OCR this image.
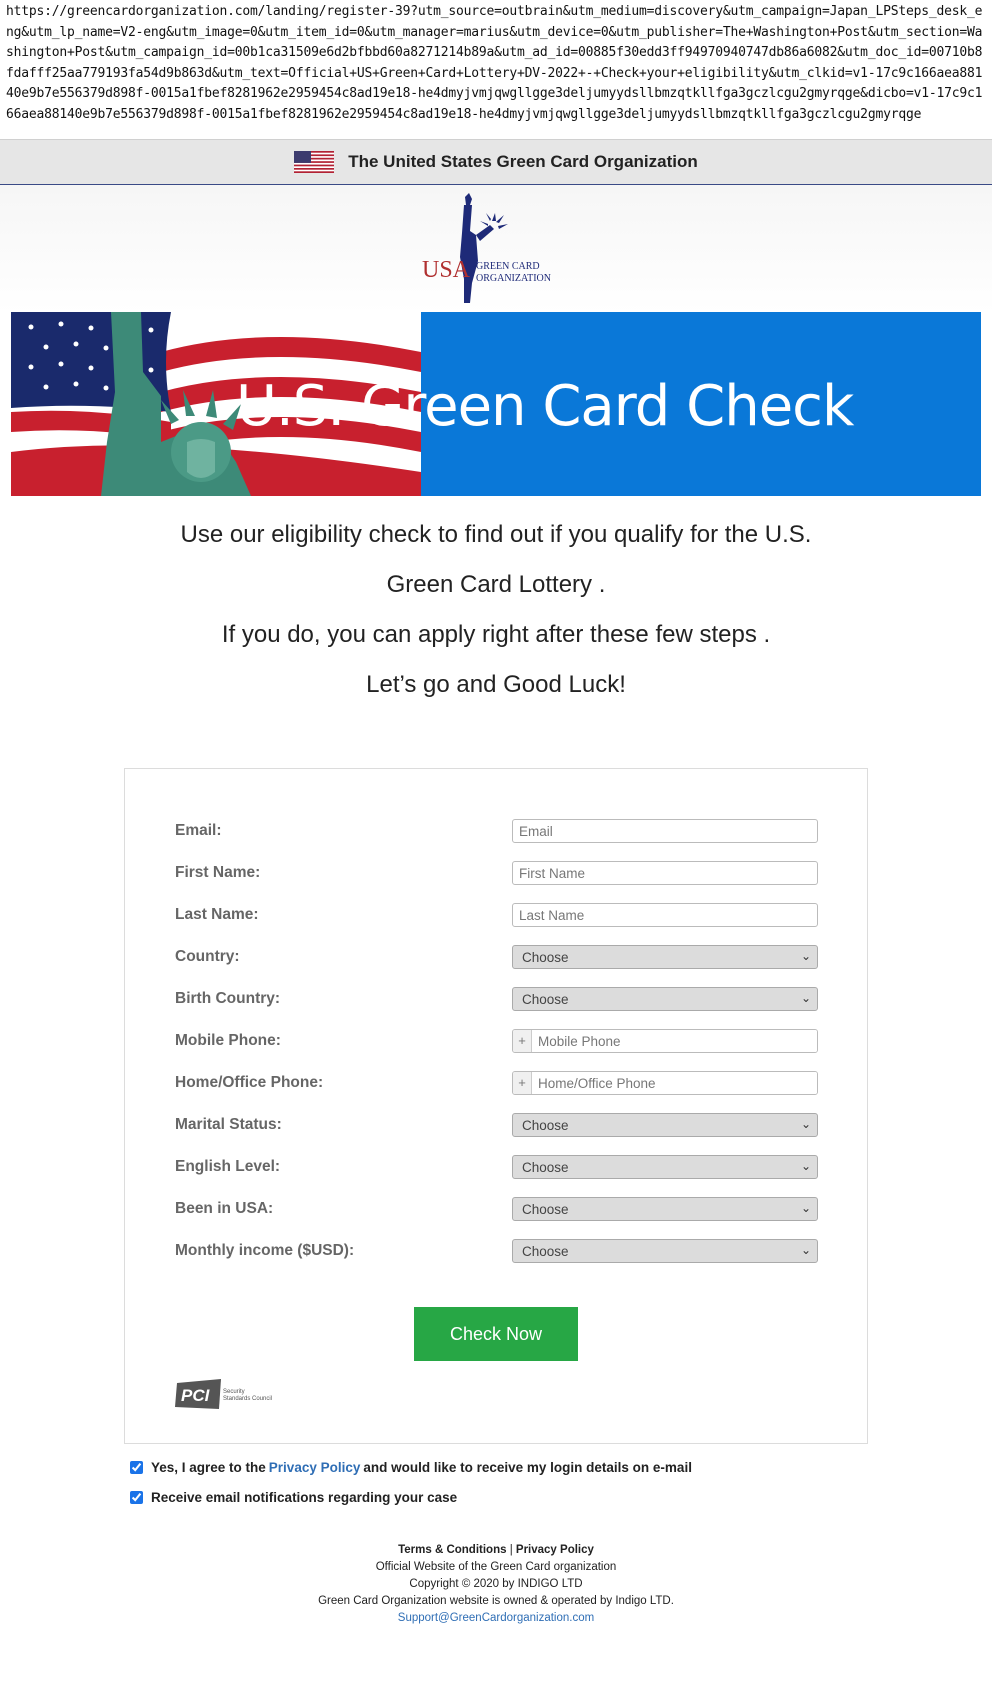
https://greencardorganization.com/landing/register-39?utm_source=outbrain&utm_medium=discovery&utm_campaign=Japan_LPSteps_desk_eng&utm_lp_name=V2-eng&utm_image=0&utm_item_id=0&utm_manager=marius&utm_device=0&utm_publisher=The+Washington+Post&utm_section=Washington+Post&utm_campaign_id=00b1ca31509e6d2bfbbd60a8271214b89a&utm_ad_id=00885f30edd3ff94970940747db86a6082&utm_doc_id=00710b8fdafff25aa779193fa54d9b863d&utm_text=Official+US+Green+Card+Lottery+DV-2022+-+Check+your+eligibility&utm_clkid=v1-17c9c166aea88140e9b7e556379d898f-0015a1fbef8281962e2959454c8ad19e18-he4dmyjvmjqwgllgge3deljumyydsllbmzqtkllfga3gczlcgu2gmyrqge&dicbo=v1-17c9c166aea88140e9b7e556379d898f-0015a1fbef8281962e2959454c8ad19e18-he4dmyjvmjqwgllgge3deljumyydsllbmzqtkllfga3gczlcgu2gmyrqge
The United States Green Card Organization
USA GREEN CARD
ORGANIZATION
U.S. Green Card Check

Use our eligibility check to find out if you qualify for the U.S.

Green Card Lottery .

If you do, you can apply right after these few steps .

Let’s go and Good Luck!

Email:
Email
First Name:
First Name
Last Name:
Last Name
Country:	Choose	⌄
Birth Country:	Choose	⌄
Mobile Phone:	+
Mobile Phone
Home/Office Phone:	+
Home/Office Phone
Marital Status:	Choose	⌄
English Level:	Choose	⌄
Been in USA:	Choose	⌄
Monthly income ($USD):	Choose	⌄
Check Now
PCI Security
Standards Council
Yes, I agree to the Privacy Policy and would like to receive my login details on e-mail
Receive email notifications regarding your case
Terms & Conditions | Privacy Policy
Official Website of the Green Card organization
Copyright © 2020 by INDIGO LTD
Green Card Organization website is owned & operated by Indigo LTD.
Support@GreenCardorganization.com
